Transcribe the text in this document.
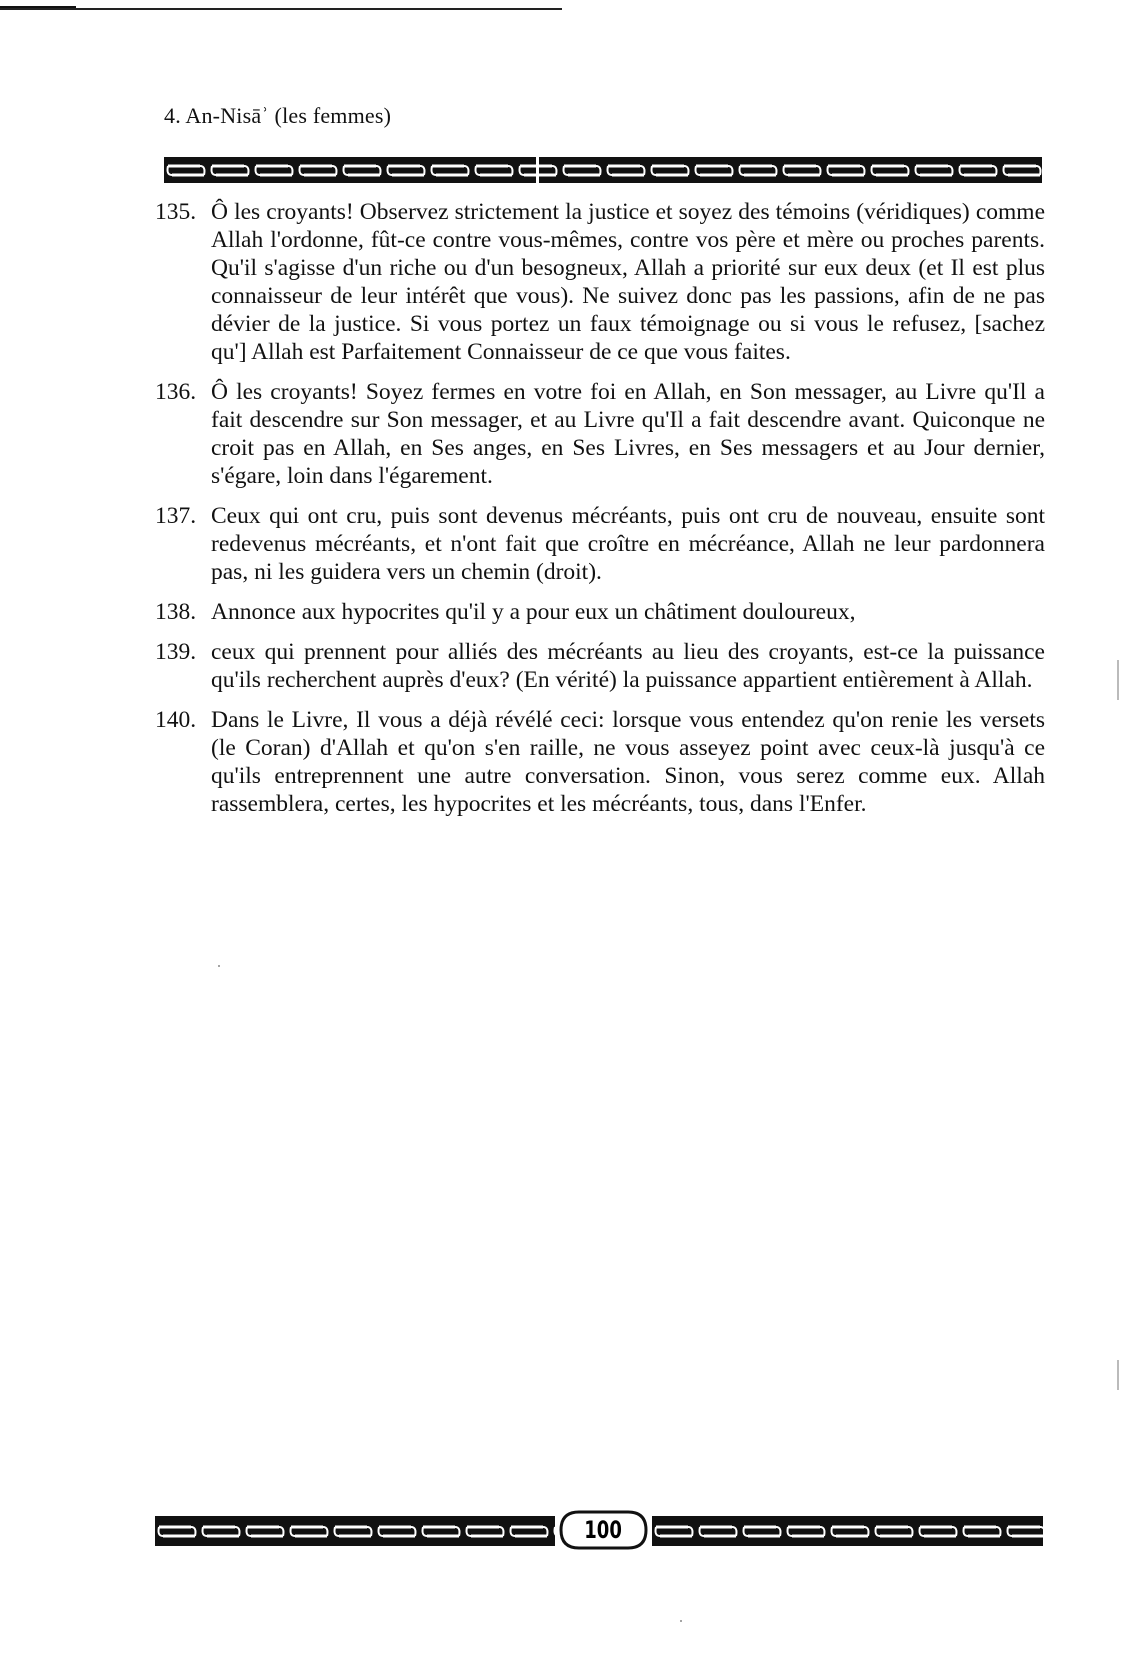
4. An-Nisāʾ (les femmes)
135. Ô les croyants! Observez strictement la justice et soyez des témoins (véridiques) comme Allah l'ordonne, fût-ce contre vous-mêmes, contre vos père et mère ou proches parents. Qu'il s'agisse d'un riche ou d'un besogneux, Allah a priorité sur eux deux (et Il est plus connaisseur de leur intérêt que vous). Ne suivez donc pas les passions, afin de ne pas dévier de la justice. Si vous portez un faux témoignage ou si vous le refusez, [sachez qu'] Allah est Parfaitement Connaisseur de ce que vous faites.
136. Ô les croyants! Soyez fermes en votre foi en Allah, en Son messager, au Livre qu'Il a fait descendre sur Son messager, et au Livre qu'Il a fait descendre avant. Quiconque ne croit pas en Allah, en Ses anges, en Ses Livres, en Ses messagers et au Jour dernier, s'égare, loin dans l'égarement.
137. Ceux qui ont cru, puis sont devenus mécréants, puis ont cru de nouveau, ensuite sont redevenus mécréants, et n'ont fait que croître en mécréance, Allah ne leur pardonnera pas, ni les guidera vers un chemin (droit).
138. Annonce aux hypocrites qu'il y a pour eux un châtiment douloureux,
139. ceux qui prennent pour alliés des mécréants au lieu des croyants, est-ce la puissance qu'ils recherchent auprès d'eux? (En vérité) la puissance appartient entièrement à Allah.
140. Dans le Livre, Il vous a déjà révélé ceci: lorsque vous entendez qu'on renie les versets (le Coran) d'Allah et qu'on s'en raille, ne vous asseyez point avec ceux-là jusqu'à ce qu'ils entreprennent une autre conversation. Sinon, vous serez comme eux. Allah rassemblera, certes, les hypocrites et les mécréants, tous, dans l'Enfer.
100
